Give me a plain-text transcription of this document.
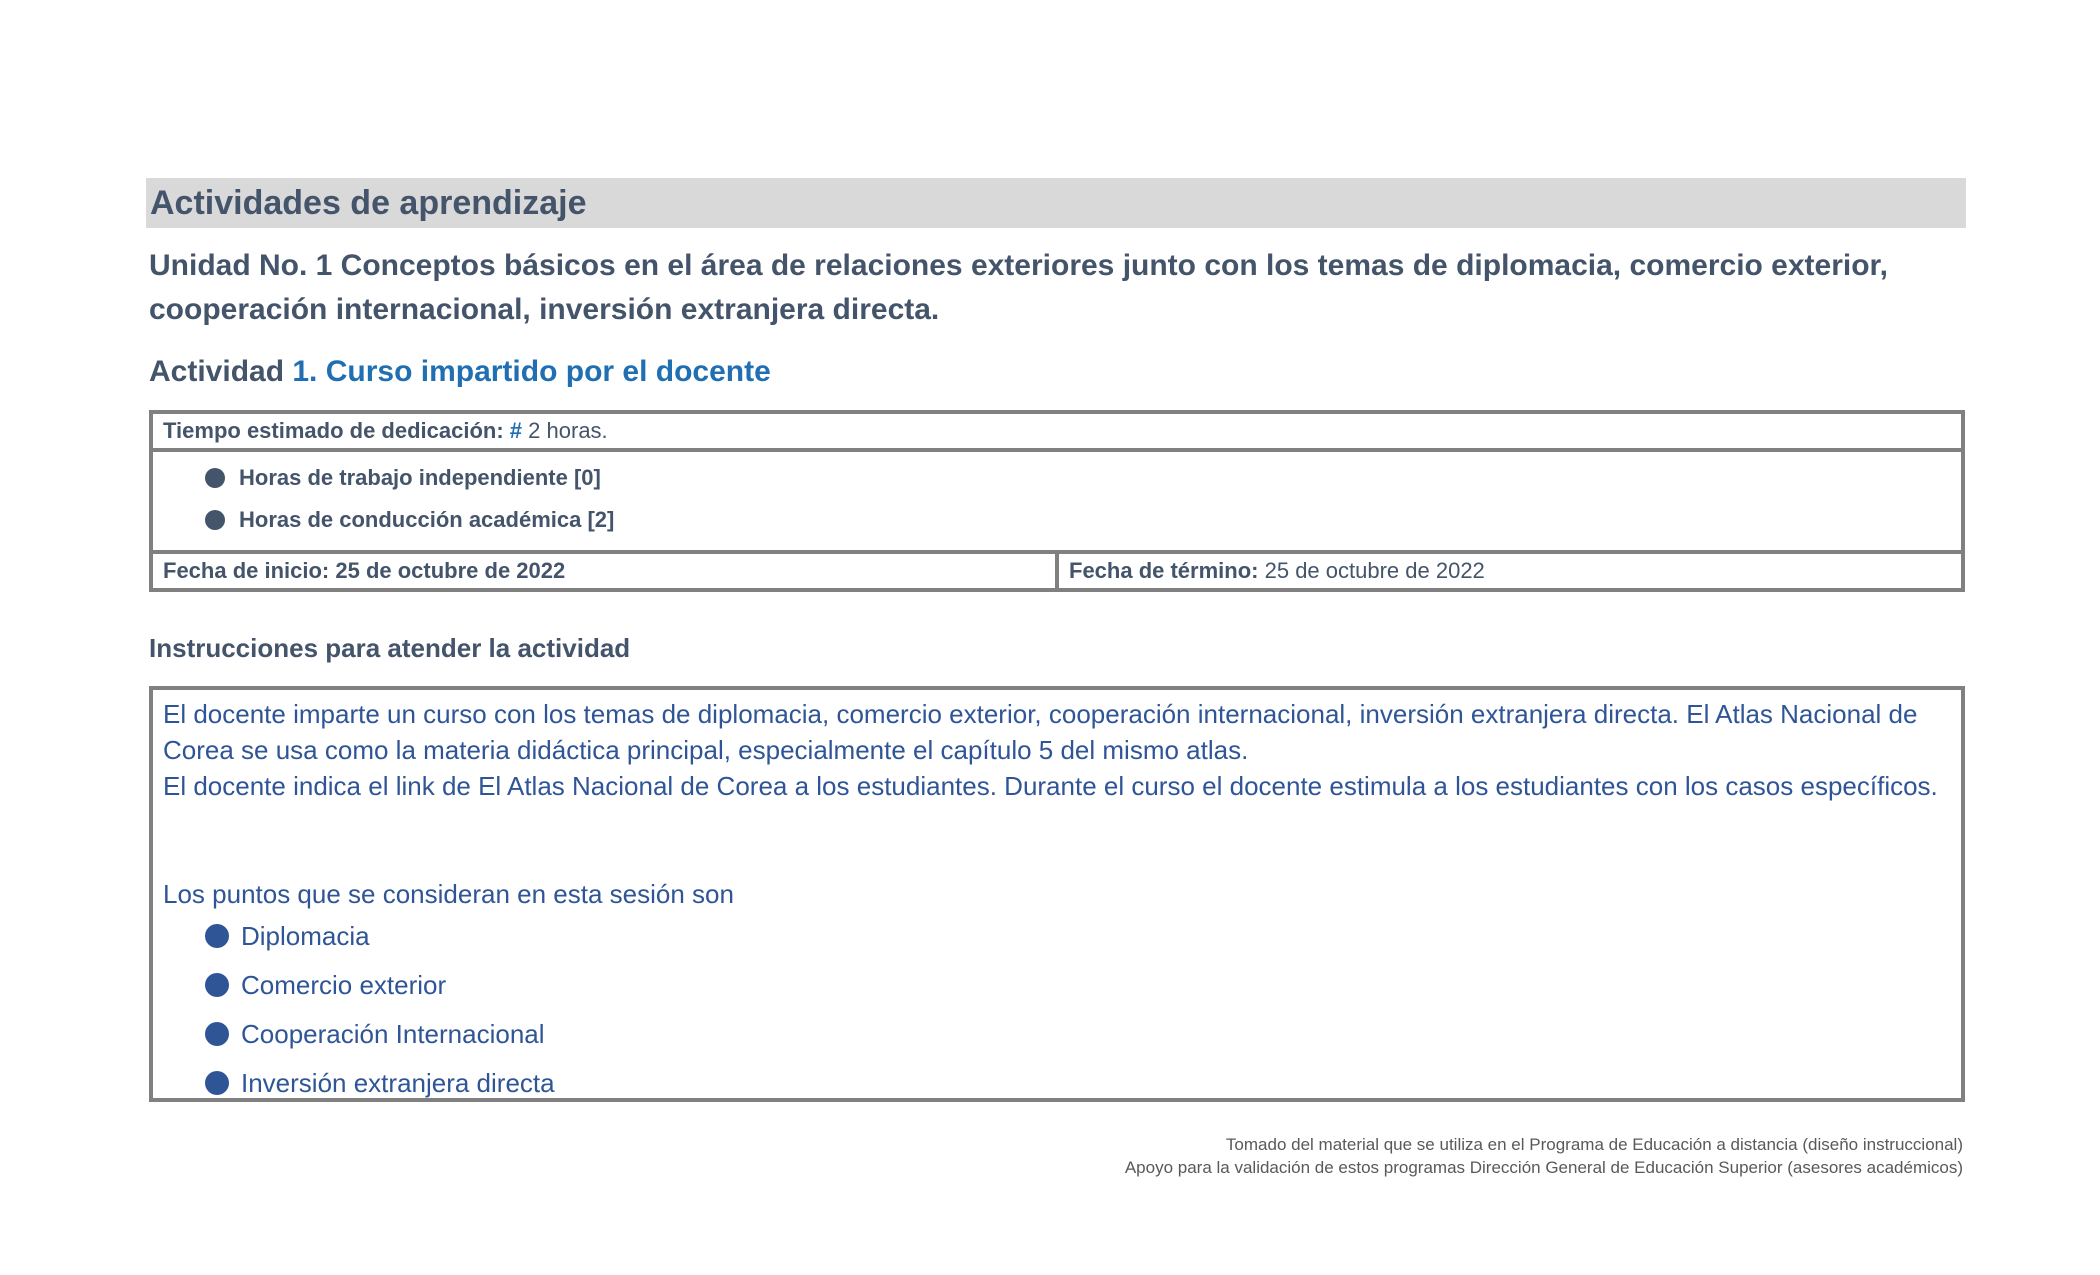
Actividades de aprendizaje
Unidad No. 1 Conceptos básicos en el área de relaciones exteriores junto con los temas de diplomacia, comercio exterior, cooperación internacional, inversión extranjera directa.
Actividad 1. Curso impartido por el docente
Tiempo estimado de dedicación: # 2 horas.
Horas de trabajo independiente [0]
Horas de conducción académica [2]
Fecha de inicio: 25 de octubre de 2022	Fecha de término: 25 de octubre de 2022
Instrucciones para atender la actividad
El docente imparte un curso con los temas de diplomacia, comercio exterior, cooperación internacional, inversión extranjera directa. El Atlas Nacional de Corea se usa como la materia didáctica principal, especialmente el capítulo 5 del mismo atlas.
El docente indica el link de El Atlas Nacional de Corea a los estudiantes. Durante el curso el docente estimula a los estudiantes con los casos específicos.
Los puntos que se consideran en esta sesión son
Diplomacia
Comercio exterior
Cooperación Internacional
Inversión extranjera directa
Tomado del material que se utiliza en el Programa de Educación a distancia (diseño instruccional)
Apoyo para la validación de estos programas Dirección General de Educación Superior (asesores académicos)
